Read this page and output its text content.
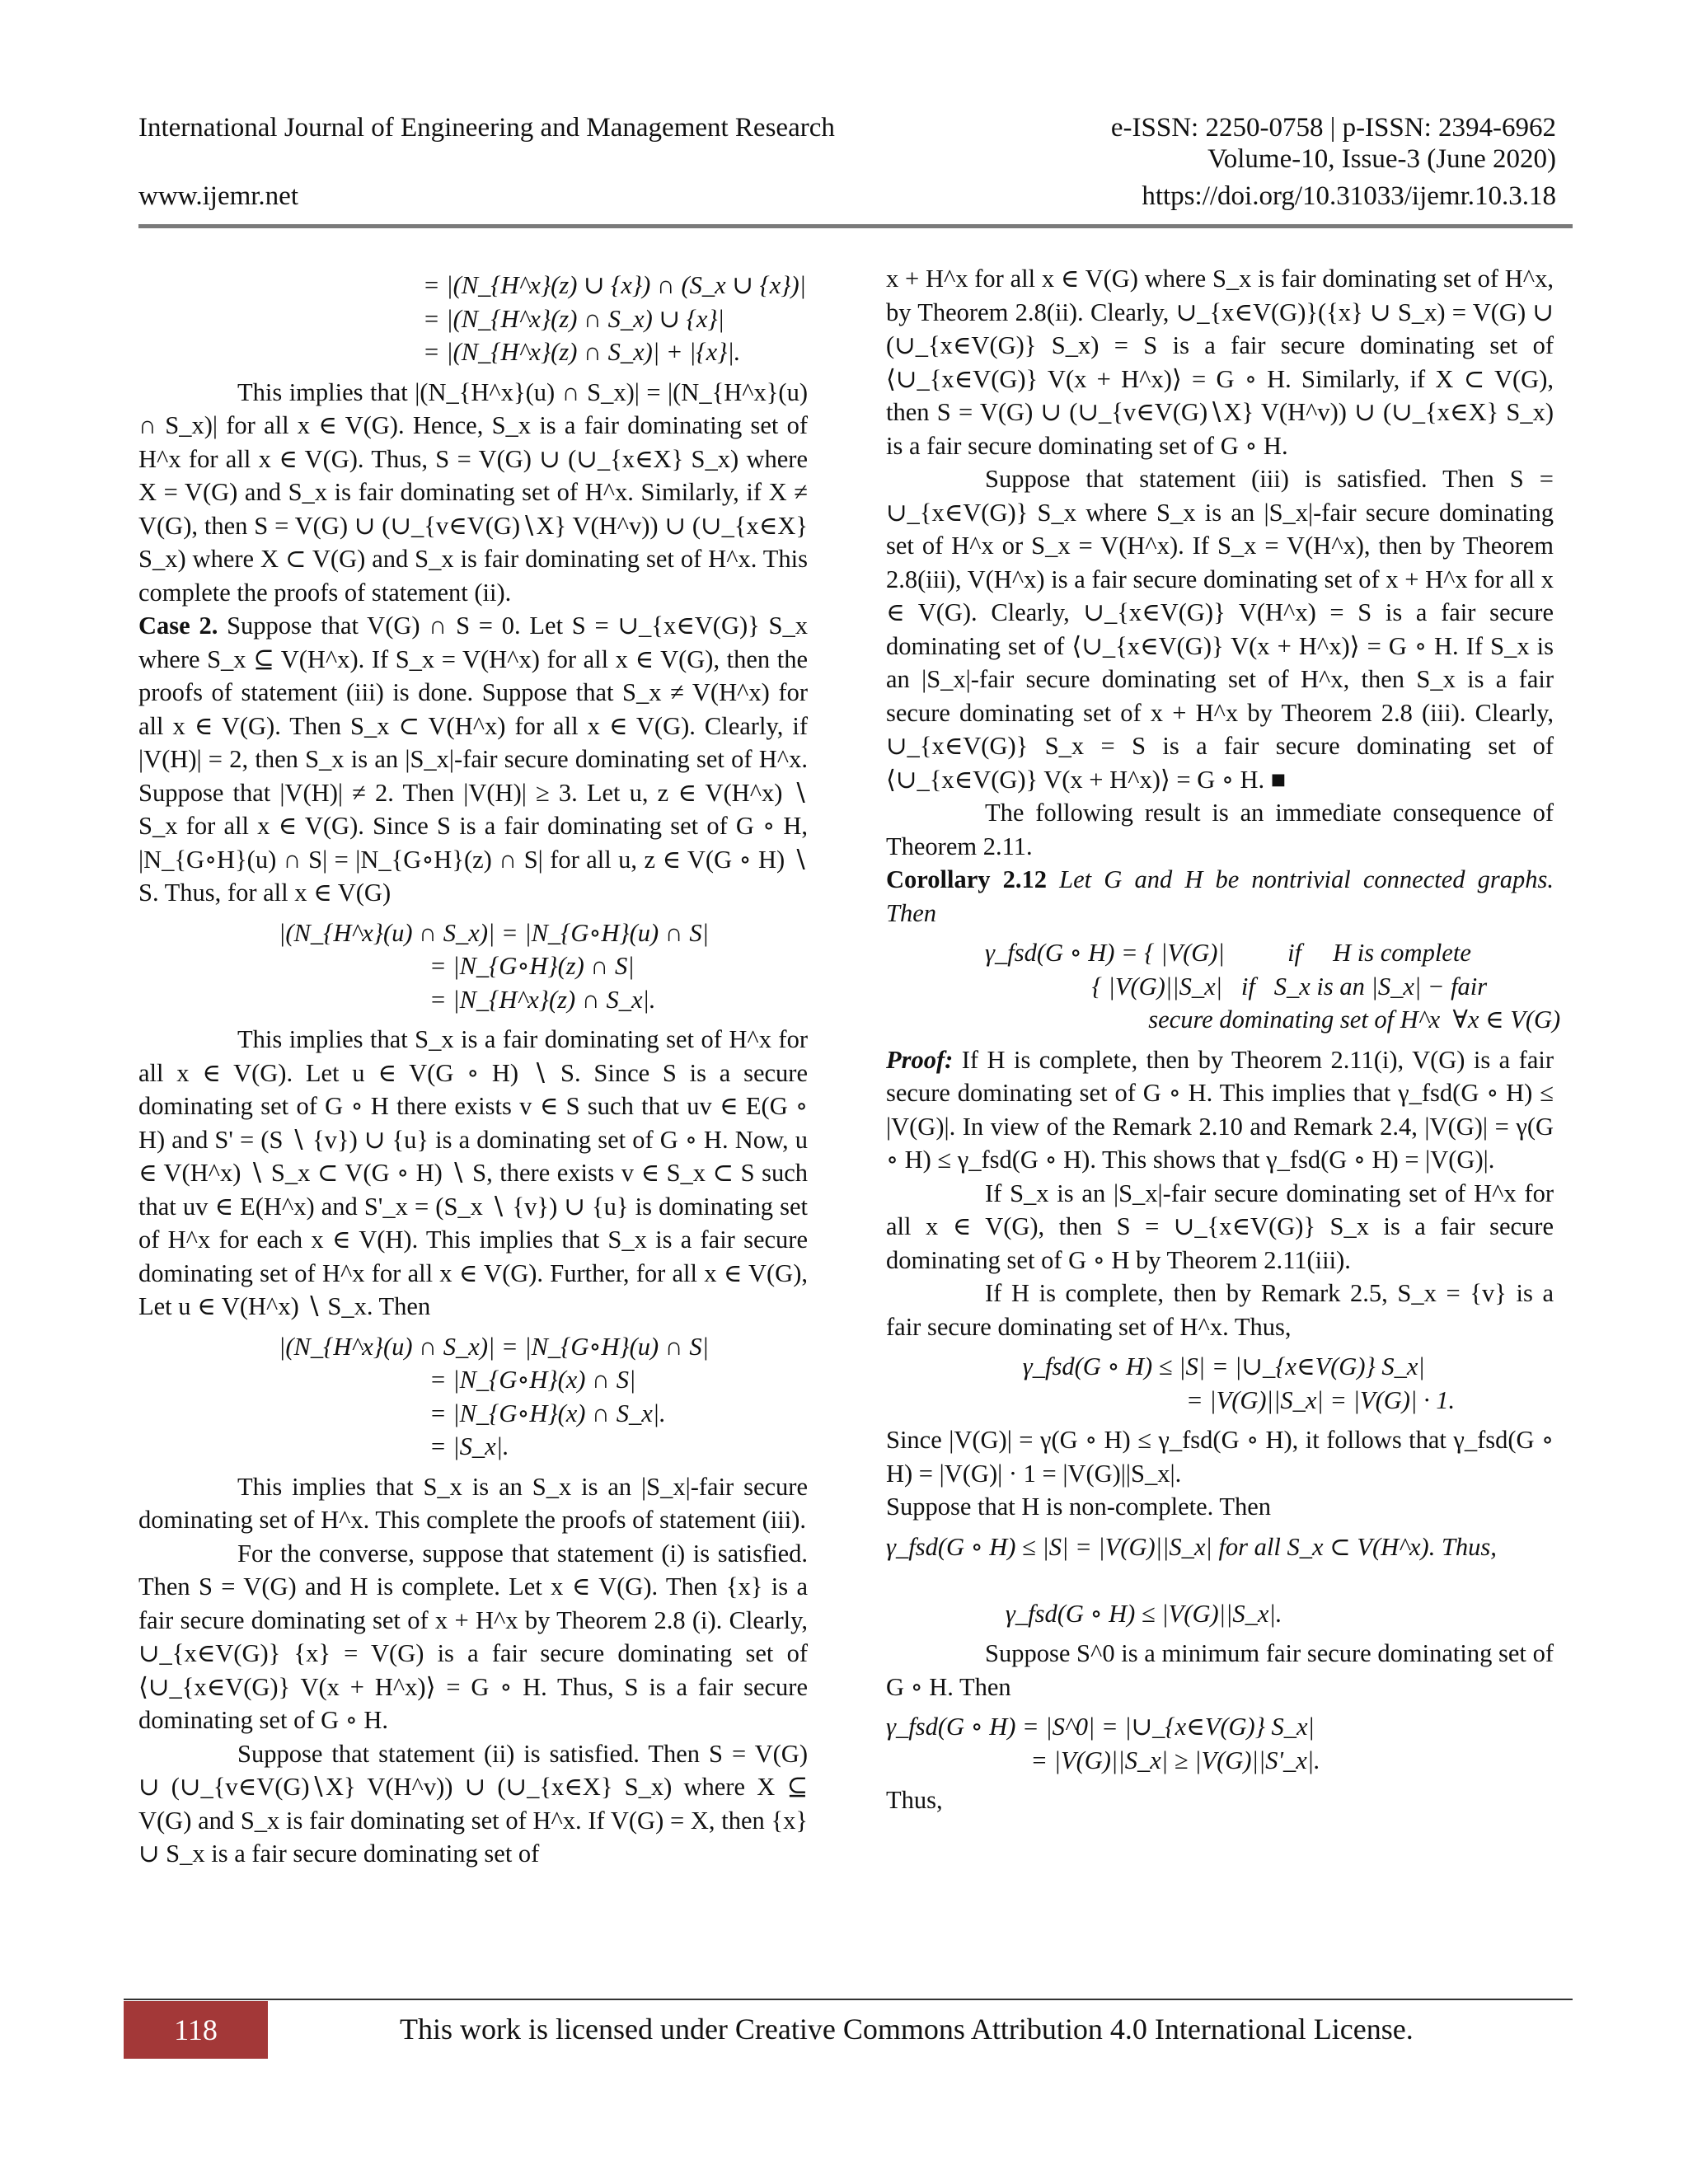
International Journal of Engineering and Management Research	e-ISSN: 2250-0758 | p-ISSN: 2394-6962
Volume-10, Issue-3 (June 2020)
www.ijemr.net	https://doi.org/10.31033/ijemr.10.3.18

= |(N_{H^x}(z) ∪ {x}) ∩ (S_x ∪ {x})|
= |(N_{H^x}(z) ∩ S_x) ∪ {x}|
= |(N_{H^x}(z) ∩ S_x)| + |{x}|.

This implies that |(N_{H^x}(u) ∩ S_x)| = |(N_{H^x}(u) ∩ S_x)| for all x ∈ V(G). Hence, S_x is a fair dominating set of H^x for all x ∈ V(G). Thus, S = V(G) ∪ (∪_{x∈X} S_x) where X = V(G) and S_x is fair dominating set of H^x. Similarly, if X ≠ V(G), then S = V(G) ∪ (∪_{v∈V(G)∖X} V(H^v)) ∪ (∪_{x∈X} S_x) where X ⊂ V(G) and S_x is fair dominating set of H^x. This complete the proofs of statement (ii).

Case 2. Suppose that V(G) ∩ S = 0. Let S = ∪_{x∈V(G)} S_x where S_x ⊆ V(H^x). If S_x = V(H^x) for all x ∈ V(G), then the proofs of statement (iii) is done. Suppose that S_x ≠ V(H^x) for all x ∈ V(G). Then S_x ⊂ V(H^x) for all x ∈ V(G). Clearly, if |V(H)| = 2, then S_x is an |S_x|-fair secure dominating set of H^x. Suppose that |V(H)| ≠ 2. Then |V(H)| ≥ 3. Let u, z ∈ V(H^x) ∖ S_x for all x ∈ V(G). Since S is a fair dominating set of G ∘ H, |N_{G∘H}(u) ∩ S| = |N_{G∘H}(z) ∩ S| for all u, z ∈ V(G ∘ H) ∖ S. Thus, for all x ∈ V(G)

|(N_{H^x}(u) ∩ S_x)| = |N_{G∘H}(u) ∩ S|
= |N_{G∘H}(z) ∩ S|
= |N_{H^x}(z) ∩ S_x|.

This implies that S_x is a fair dominating set of H^x for all x ∈ V(G). Let u ∈ V(G ∘ H) ∖ S. Since S is a secure dominating set of G ∘ H there exists v ∈ S such that uv ∈ E(G ∘ H) and S' = (S ∖ {v}) ∪ {u} is a dominating set of G ∘ H. Now, u ∈ V(H^x) ∖ S_x ⊂ V(G ∘ H) ∖ S, there exists v ∈ S_x ⊂ S such that uv ∈ E(H^x) and S'_x = (S_x ∖ {v}) ∪ {u} is dominating set of H^x for each x ∈ V(H). This implies that S_x is a fair secure dominating set of H^x for all x ∈ V(G). Further, for all x ∈ V(G), Let u ∈ V(H^x) ∖ S_x. Then

|(N_{H^x}(u) ∩ S_x)| = |N_{G∘H}(u) ∩ S|
= |N_{G∘H}(x) ∩ S|
= |N_{G∘H}(x) ∩ S_x|.
= |S_x|.

This implies that S_x is an S_x is an |S_x|-fair secure dominating set of H^x. This complete the proofs of statement (iii).

For the converse, suppose that statement (i) is satisfied. Then S = V(G) and H is complete. Let x ∈ V(G). Then {x} is a fair secure dominating set of x + H^x by Theorem 2.8 (i). Clearly, ∪_{x∈V(G)} {x} = V(G) is a fair secure dominating set of ⟨∪_{x∈V(G)} V(x + H^x)⟩ = G ∘ H. Thus, S is a fair secure dominating set of G ∘ H.

Suppose that statement (ii) is satisfied. Then S = V(G) ∪ (∪_{v∈V(G)∖X} V(H^v)) ∪ (∪_{x∈X} S_x) where X ⊆ V(G) and S_x is fair dominating set of H^x. If V(G) = X, then {x} ∪ S_x is a fair secure dominating set of

x + H^x for all x ∈ V(G) where S_x is fair dominating set of H^x, by Theorem 2.8(ii). Clearly, ∪_{x∈V(G)}({x} ∪ S_x) = V(G) ∪ (∪_{x∈V(G)} S_x) = S is a fair secure dominating set of ⟨∪_{x∈V(G)} V(x + H^x)⟩ = G ∘ H. Similarly, if X ⊂ V(G), then S = V(G) ∪ (∪_{v∈V(G)∖X} V(H^v)) ∪ (∪_{x∈X} S_x) is a fair secure dominating set of G ∘ H.

Suppose that statement (iii) is satisfied. Then S = ∪_{x∈V(G)} S_x where S_x is an |S_x|-fair secure dominating set of H^x or S_x = V(H^x). If S_x = V(H^x), then by Theorem 2.8(iii), V(H^x) is a fair secure dominating set of x + H^x for all x ∈ V(G). Clearly, ∪_{x∈V(G)} V(H^x) = S is a fair secure dominating set of ⟨∪_{x∈V(G)} V(x + H^x)⟩ = G ∘ H. If S_x is an |S_x|-fair secure dominating set of H^x, then S_x is a fair secure dominating set of x + H^x by Theorem 2.8 (iii). Clearly, ∪_{x∈V(G)} S_x = S is a fair secure dominating set of ⟨∪_{x∈V(G)} V(x + H^x)⟩ = G ∘ H. ■

The following result is an immediate consequence of Theorem 2.11.

Corollary 2.12 Let G and H be nontrivial connected graphs. Then

γ_fsd(G ∘ H) = { |V(G)|          if     H is complete
{ |V(G)||S_x|   if   S_x is an |S_x| − fair
secure dominating set of H^x  ∀x ∈ V(G)

Proof: If H is complete, then by Theorem 2.11(i), V(G) is a fair secure dominating set of G ∘ H. This implies that γ_fsd(G ∘ H) ≤ |V(G)|. In view of the Remark 2.10 and Remark 2.4, |V(G)| = γ(G ∘ H) ≤ γ_fsd(G ∘ H). This shows that γ_fsd(G ∘ H) = |V(G)|.

If S_x is an |S_x|-fair secure dominating set of H^x for all x ∈ V(G), then S = ∪_{x∈V(G)} S_x is a fair secure dominating set of G ∘ H by Theorem 2.11(iii).

If H is complete, then by Remark 2.5, S_x = {v} is a fair secure dominating set of H^x. Thus,

γ_fsd(G ∘ H) ≤ |S| = |∪_{x∈V(G)} S_x|
= |V(G)||S_x| = |V(G)| · 1.

Since |V(G)| = γ(G ∘ H) ≤ γ_fsd(G ∘ H), it follows that γ_fsd(G ∘ H) = |V(G)| · 1 = |V(G)||S_x|.
Suppose that H is non-complete. Then

γ_fsd(G ∘ H) ≤ |S| = |V(G)||S_x| for all S_x ⊂ V(H^x). Thus,

γ_fsd(G ∘ H) ≤ |V(G)||S_x|.

Suppose S^0 is a minimum fair secure dominating set of G ∘ H. Then

γ_fsd(G ∘ H) = |S^0| = |∪_{x∈V(G)} S_x|
= |V(G)||S_x| ≥ |V(G)||S'_x|.

Thus,

118	This work is licensed under Creative Commons Attribution 4.0 International License.
